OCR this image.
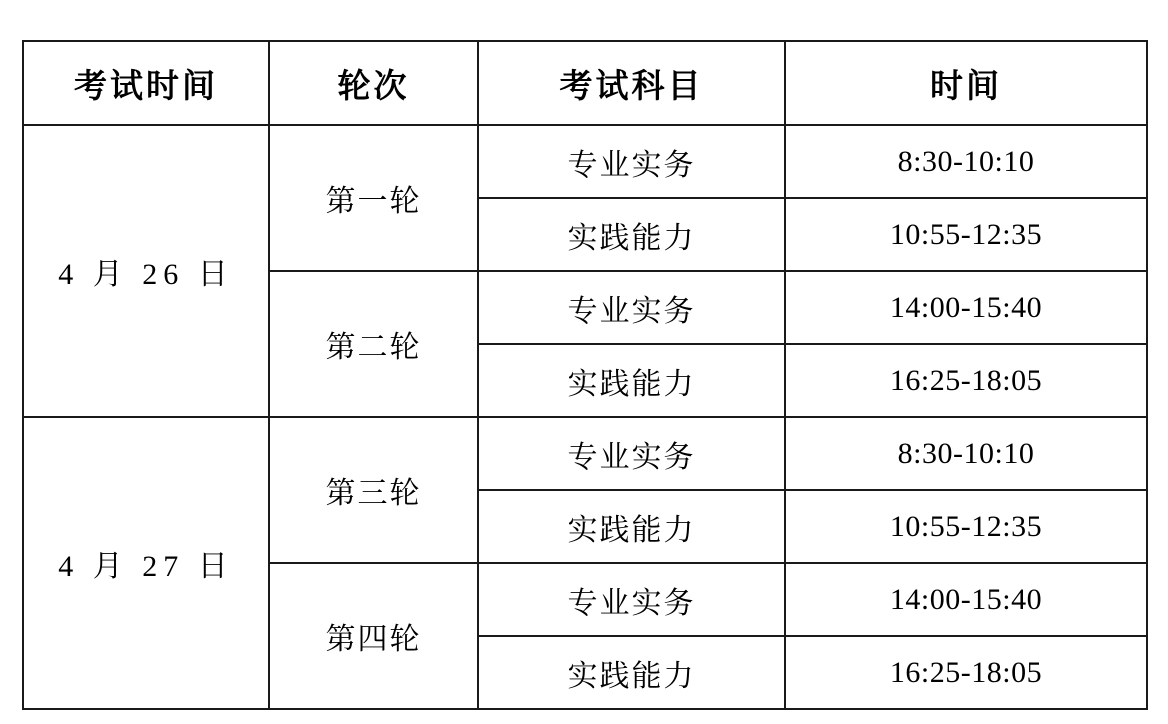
考试时间	轮次	考试科目	时间
4 月 26 日	第一轮	专业实务	8:30-10:10
		实践能力	10:55-12:35
	第二轮	专业实务	14:00-15:40
		实践能力	16:25-18:05
4 月 27 日	第三轮	专业实务	8:30-10:10
		实践能力	10:55-12:35
	第四轮	专业实务	14:00-15:40
		实践能力	16:25-18:05
